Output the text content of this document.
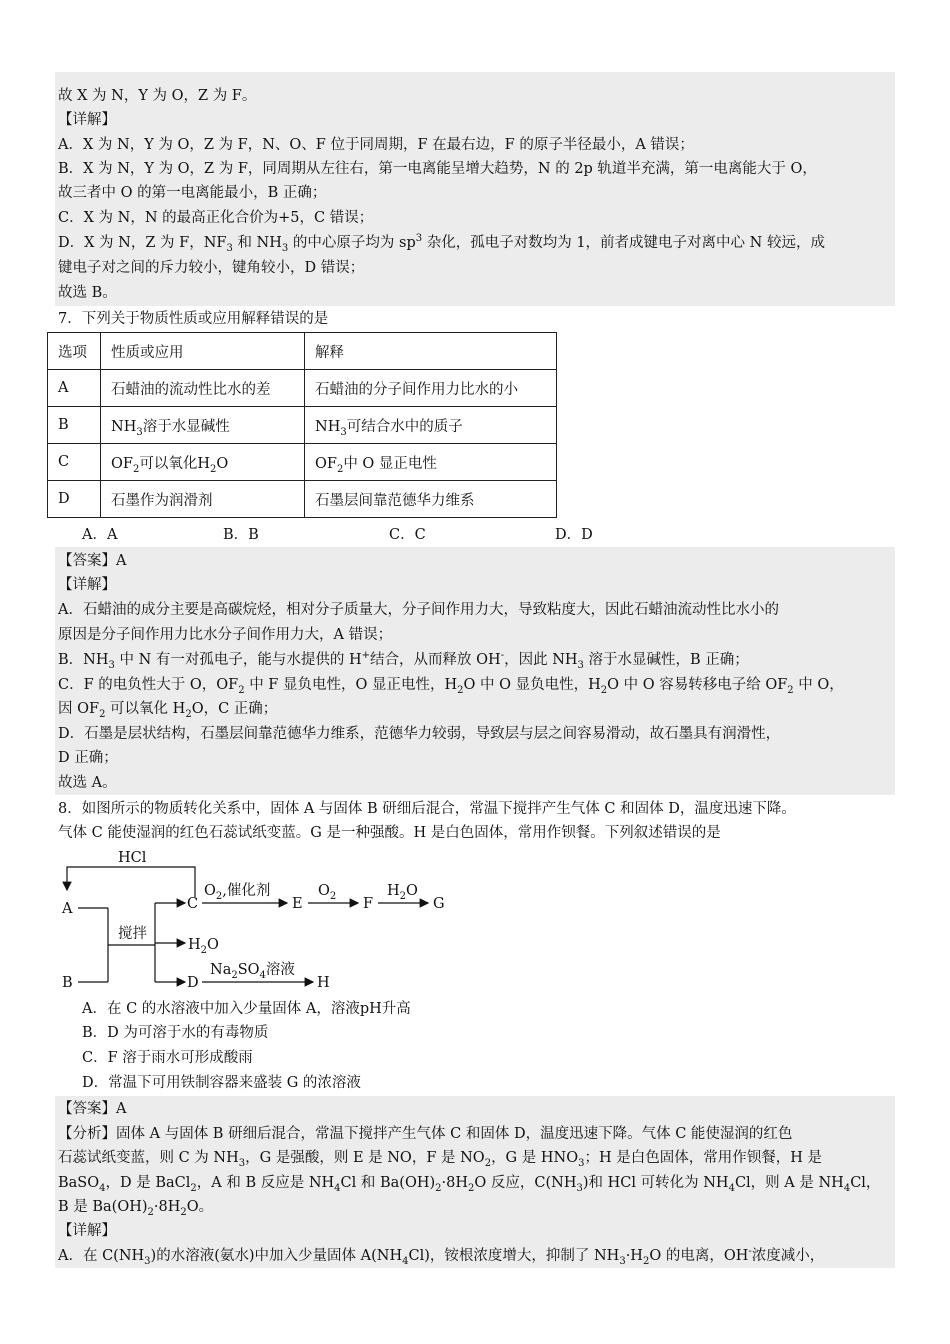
故 X 为 N，Y 为 O，Z 为 F。
【详解】
A．X 为 N，Y 为 O，Z 为 F，N、O、F 位于同周期，F 在最右边，F 的原子半径最小，A 错误；
B．X 为 N，Y 为 O，Z 为 F，同周期从左往右，第一电离能呈增大趋势，N 的 2p 轨道半充满，第一电离能大于 O，
故三者中 O 的第一电离能最小，B 正确；
C．X 为 N，N 的最高正化合价为+5，C 错误；
D．X 为 N，Z 为 F，$NF_3$ 和 $NH_3$ 的中心原子均为 $sp^3$ 杂化，孤电子对数均为 1，前者成键电子对离中心 N 较远，成
键电子对之间的斥力较小，键角较小，D 错误；
故选 B。
7．下列关于物质性质或应用解释错误的是
选项	性质或应用	解释
A	石蜡油的流动性比水的差	石蜡油的分子间作用力比水的小
B	$NH_3$溶于水显碱性	$NH_3$可结合水中的质子
C	$OF_2$可以氧化$H_2O$	$OF_2$中 O 显正电性
D	石墨作为润滑剂	石墨层间靠范德华力维系
A．A	B．B	C．C	D．D
【答案】A
【详解】
A．石蜡油的成分主要是高碳烷烃，相对分子质量大，分子间作用力大，导致粘度大，因此石蜡油流动性比水小的
原因是分子间作用力比水分子间作用力大，A 错误；
B．$NH_3$ 中 N 有一对孤电子，能与水提供的 H+结合，从而释放 OH-，因此 $NH_3$ 溶于水显碱性，B 正确；
C．F 的电负性大于 O，$OF_2$ 中 F 显负电性，O 显正电性，$H_2O$ 中 O 显负电性，$H_2O$ 中 O 容易转移电子给 $OF_2$ 中 O，
因 $OF_2$ 可以氧化 $H_2O$，C 正确；
D．石墨是层状结构，石墨层间靠范德华力维系，范德华力较弱，导致层与层之间容易滑动，故石墨具有润滑性，
D 正确；
故选 A。
8．如图所示的物质转化关系中，固体 A 与固体 B 研细后混合，常温下搅拌产生气体 C 和固体 D，温度迅速下降。
气体 C 能使湿润的红色石蕊试纸变蓝。G 是一种强酸。H 是白色固体，常用作钡餐。下列叙述错误的是
HCl
A
B
搅拌
C
$O_2$,催化剂
E
$O_2$ F
$H_2O$
G
$H_2O$
D
$Na_2SO_4$溶液
H
A．在 C 的水溶液中加入少量固体 A，溶液pH升高
B．D 为可溶于水的有毒物质
C．F 溶于雨水可形成酸雨
D．常温下可用铁制容器来盛装 G 的浓溶液
【答案】A
【分析】固体 A 与固体 B 研细后混合，常温下搅拌产生气体 C 和固体 D，温度迅速下降。气体 C 能使湿润的红色
石蕊试纸变蓝，则 C 为 $NH_3$，G 是强酸，则 E 是 NO，F 是 $NO_2$，G 是 $HNO_3$；H 是白色固体，常用作钡餐，H 是
BaSO$_4$，D 是 BaCl$_2$，A 和 B 反应是 $NH_4Cl$ 和 $Ba(OH)_2\cdot 8H_2O$ 反应，$C(NH_3)$和 HCl 可转化为 $NH_4Cl$，则 A 是 $NH_4Cl$，
B 是 $Ba(OH)_2\cdot 8H_2O$。
【详解】
A．在 $C(NH_3)$的水溶液(氨水)中加入少量固体 $A(NH_4Cl)$，铵根浓度增大，抑制了 $NH_3\cdot H_2O$ 的电离，OH-浓度减小，
